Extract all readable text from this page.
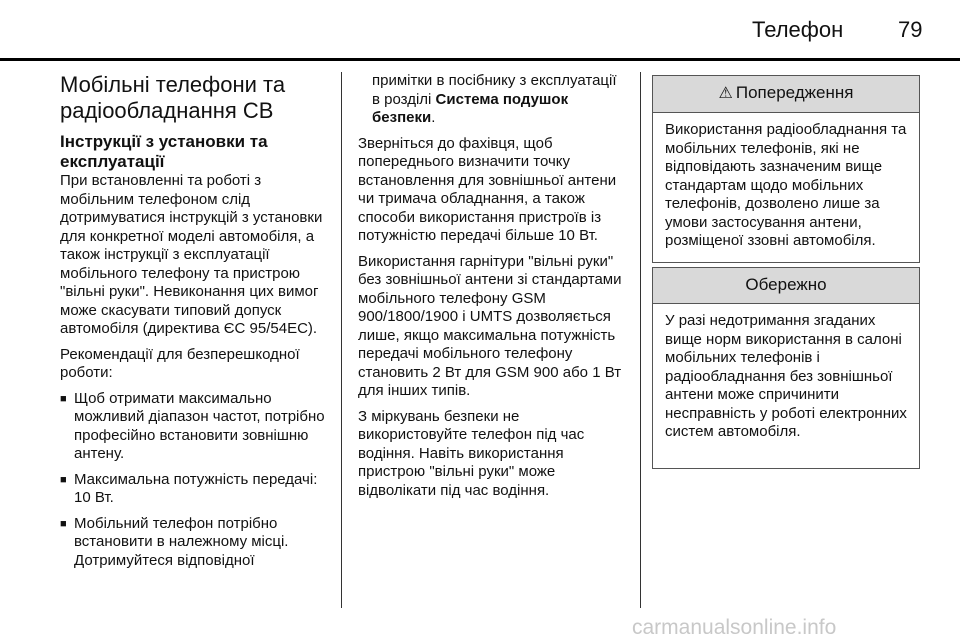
Телефон 79
Мобільні телефони та радіообладнання СВ
Інструкції з установки та експлуатації

При встановленні та роботі з мобільним телефоном слід дотримуватися інструкцій з установки для конкретної моделі автомобіля, а також інструкції з експлуатації мобільного телефону та пристрою "вільні руки". Невиконання цих вимог може скасувати типовий допуск автомобіля (директива ЄС 95/54EC).

Рекомендації для безперешкодної роботи:

■ Щоб отримати максимально можливий діапазон частот, потрібно професійно встановити зовнішню антену.
■ Максимальна потужність передачі: 10 Вт.
■ Мобільний телефон потрібно встановити в належному місці. Дотримуйтеся відповідної

примітки в посібнику з експлуатації в розділі Система подушок безпеки.

Зверніться до фахівця, щоб попереднього визначити точку встановлення для зовнішньої антени чи тримача обладнання, а також способи використання пристроїв із потужністю передачі більше 10 Вт.

Використання гарнітури "вільні руки" без зовнішньої антени зі стандартами мобільного телефону GSM 900/1800/1900 і UMTS дозволяється лише, якщо максимальна потужність передачі мобільного телефону становить 2 Вт для GSM 900 або 1 Вт для інших типів.

З міркувань безпеки не використовуйте телефон під час водіння. Навіть використання пристрою "вільні руки" може відволікати під час водіння.

⚠ Попередження
Використання радіообладнання та мобільних телефонів, які не відповідають зазначеним вище стандартам щодо мобільних телефонів, дозволено лише за умови застосування антени, розміщеної ззовні автомобіля.
Обережно
У разі недотримання згаданих вище норм використання в салоні мобільних телефонів і радіообладнання без зовнішньої антени може спричинити несправність у роботі електронних систем автомобіля.
carmanualsonline.info
